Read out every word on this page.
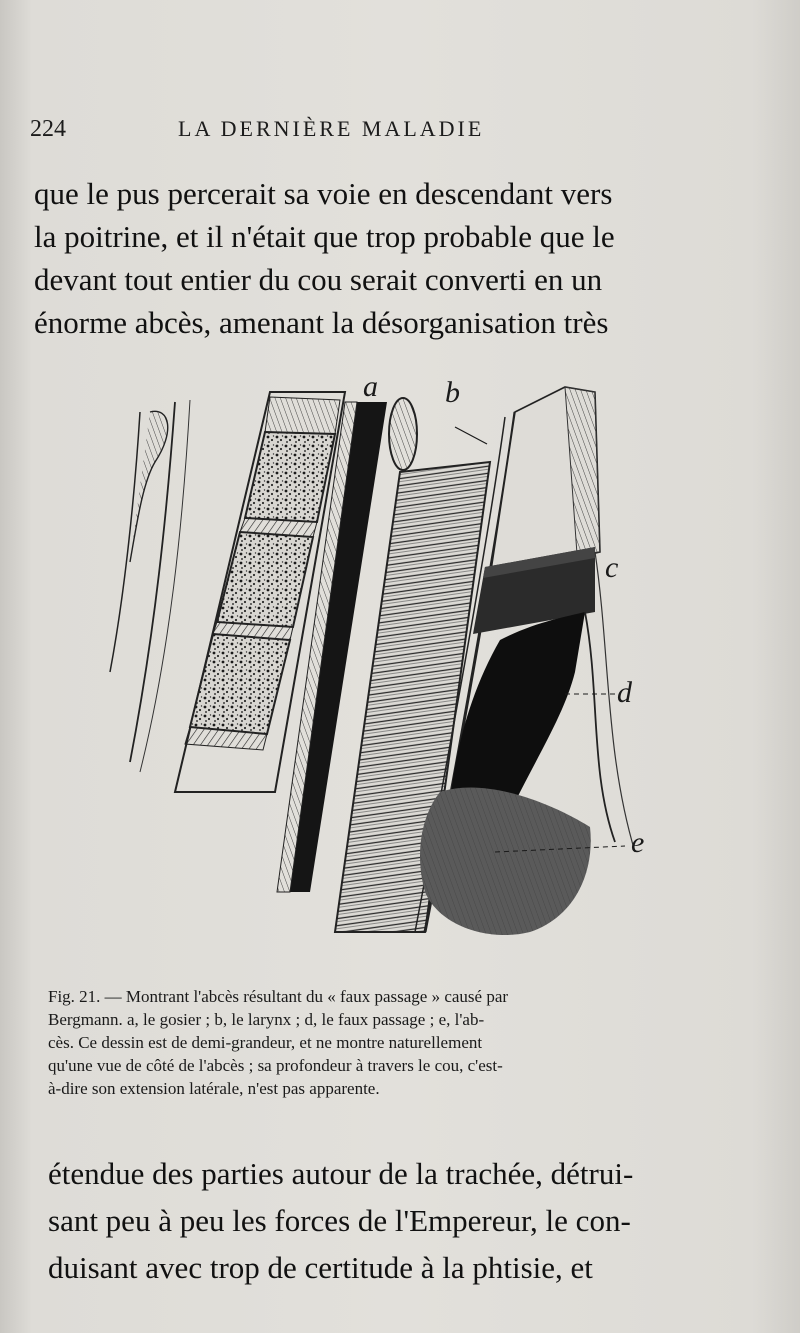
224	LA DERNIÈRE MALADIE
que le pus percerait sa voie en descendant vers
la poitrine, et il n'était que trop probable que le
devant tout entier du cou serait converti en un
énorme abcès, amenant la désorganisation très
a b
c
d
e
Fig. 21. — Montrant l'abcès résultant du « faux passage » causé par
Bergmann. a, le gosier ; b, le larynx ; d, le faux passage ; e, l'ab-
cès. Ce dessin est de demi-grandeur, et ne montre naturellement
qu'une vue de côté de l'abcès ; sa profondeur à travers le cou, c'est-
à-dire son extension latérale, n'est pas apparente.
étendue des parties autour de la trachée, détrui-
sant peu à peu les forces de l'Empereur, le con-
duisant avec trop de certitude à la phtisie, et
